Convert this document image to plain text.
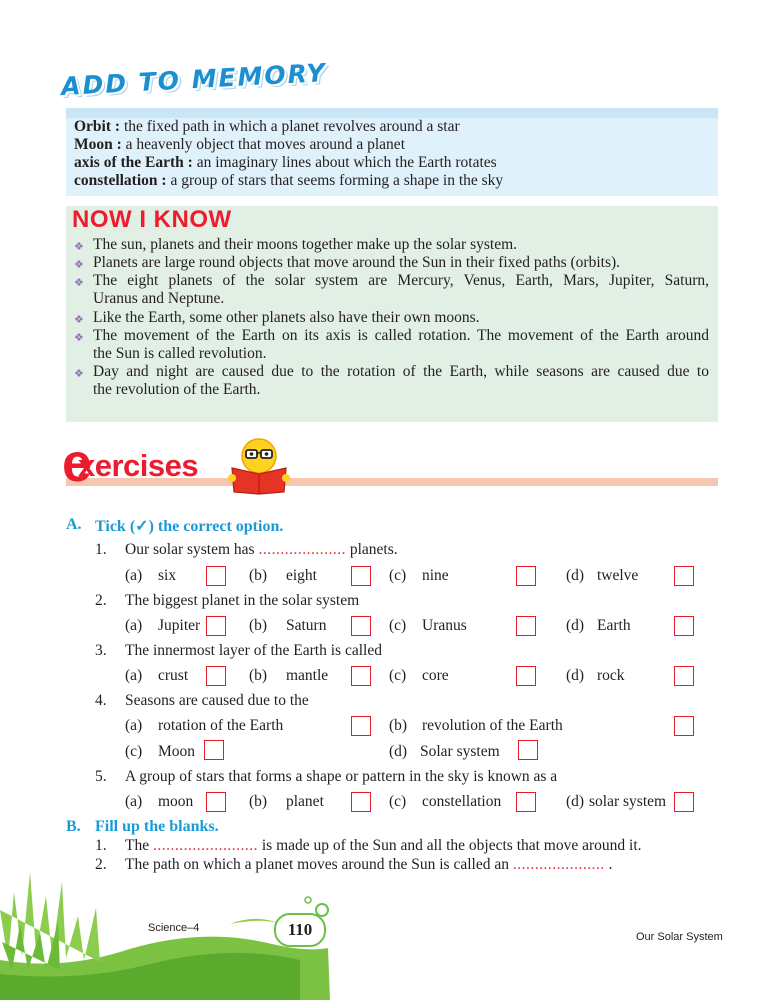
ADD TO MEMORY
Orbit : the fixed path in which a planet revolves around a star
Moon : a heavenly object that moves around a planet
axis of the Earth : an imaginary lines about which the Earth rotates
constellation : a group of stars that seems forming a shape in the sky
NOW I KNOW
❖ The sun, planets and their moons together make up the solar system.
❖ Planets are large round objects that move around the Sun in their fixed paths (orbits).
❖ The eight planets of the solar system are Mercury, Venus, Earth, Mars, Jupiter, Saturn,
Uranus and Neptune.
❖ Like the Earth, some other planets also have their own moons.
❖ The movement of the Earth on its axis is called rotation. The movement of the Earth around
the Sun is called revolution.
❖ Day and night are caused due to the rotation of the Earth, while seasons are caused due to
the revolution of the Earth.
e
xercises
A. Tick (✓) the correct option.
1. Our solar system has .................... planets.
(a) six	(b) eight	(c) nine	(d) twelve
2. The biggest planet in the solar system
(a) Jupiter	(b) Saturn	(c) Uranus	(d) Earth
3. The innermost layer of the Earth is called
(a) crust	(b) mantle	(c) core	(d) rock
4. Seasons are caused due to the
(a) rotation of the Earth	(b) revolution of the Earth
(c) Moon	(d) Solar system
5. A group of stars that forms a shape or pattern in the sky is known as a
(a) moon	(b) planet	(c) constellation	(d) solar system
B. Fill up the blanks.
1. The ........................ is made up of the Sun and all the objects that move around it.
2. The path on which a planet moves around the Sun is called an ..................... .
Science–4	110	Our Solar System
